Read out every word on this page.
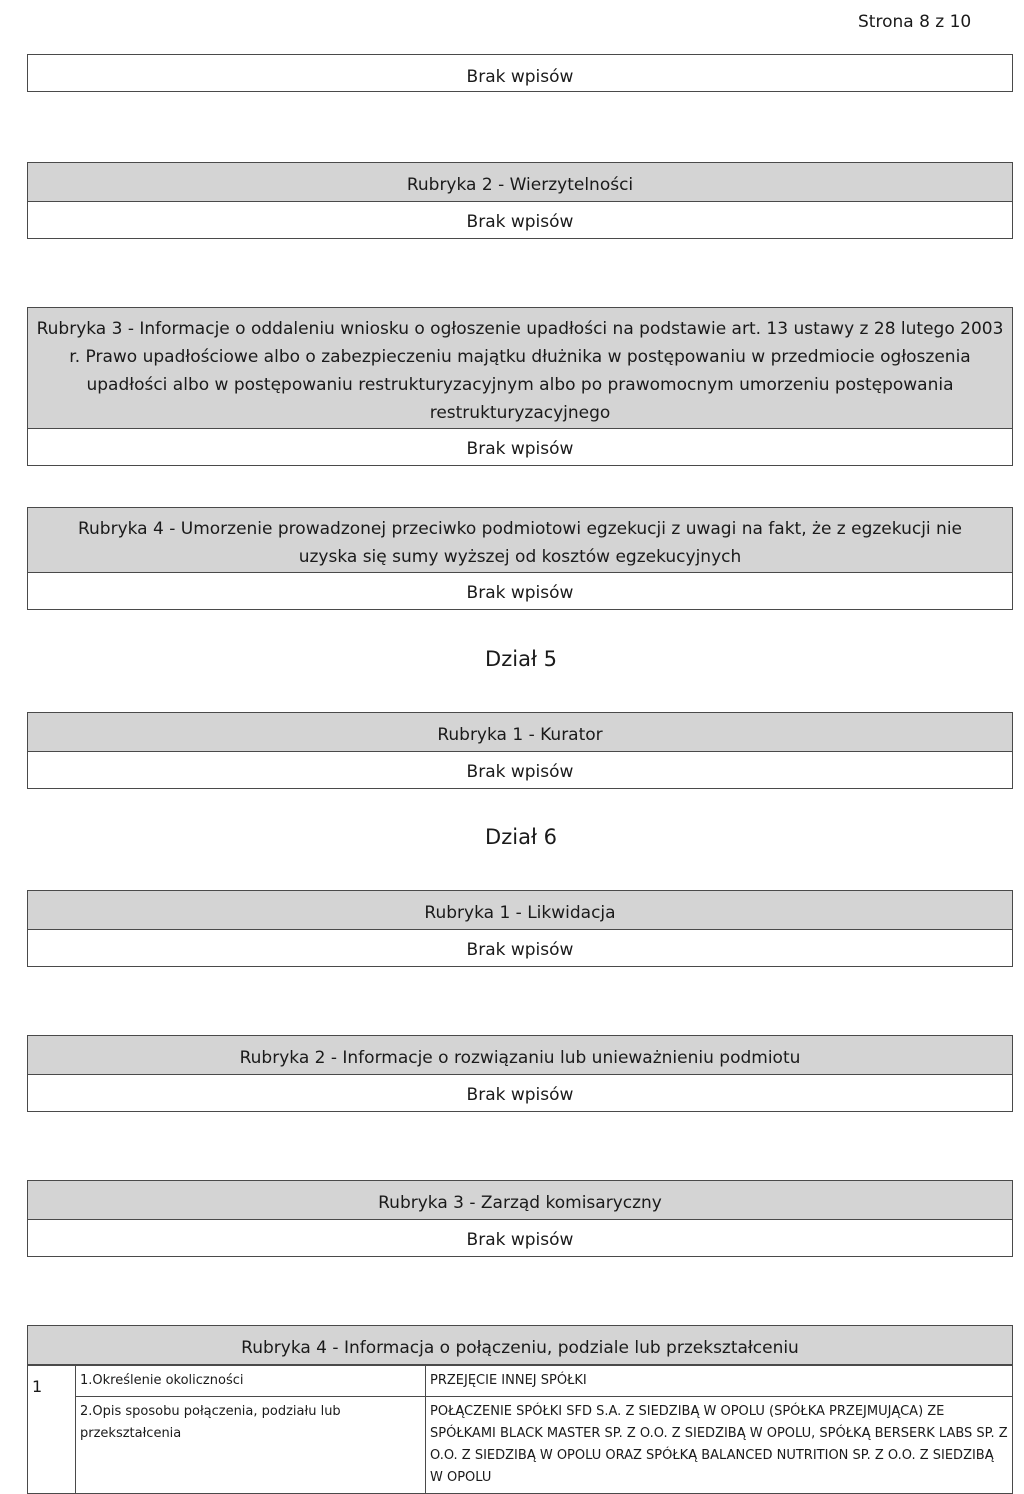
Strona 8 z 10
Brak wpisów
Rubryka 2 - Wierzytelności
Brak wpisów
Rubryka 3 - Informacje o oddaleniu wniosku o ogłoszenie upadłości na podstawie art. 13 ustawy z 28 lutego 2003 r. Prawo upadłościowe albo o zabezpieczeniu majątku dłużnika w postępowaniu w przedmiocie ogłoszenia upadłości albo w postępowaniu restrukturyzacyjnym albo po prawomocnym umorzeniu postępowania restrukturyzacyjnego
Brak wpisów
Rubryka 4 - Umorzenie prowadzonej przeciwko podmiotowi egzekucji z uwagi na fakt, że z egzekucji nie uzyska się sumy wyższej od kosztów egzekucyjnych
Brak wpisów
Dział 5
Rubryka 1 - Kurator
Brak wpisów
Dział 6
Rubryka 1 - Likwidacja
Brak wpisów
Rubryka 2 - Informacje o rozwiązaniu lub unieważnieniu podmiotu
Brak wpisów
Rubryka 3 - Zarząd komisaryczny
Brak wpisów
Rubryka 4 - Informacja o połączeniu, podziale lub przekształceniu
1	1.Określenie okoliczności	PRZEJĘCIE INNEJ SPÓŁKI
	2.Opis sposobu połączenia, podziału lub przekształcenia	POŁĄCZENIE SPÓŁKI SFD S.A. Z SIEDZIBĄ W OPOLU (SPÓŁKA PRZEJMUJĄCA) ZE SPÓŁKAMI BLACK MASTER SP. Z O.O. Z SIEDZIBĄ W OPOLU, SPÓŁKĄ BERSERK LABS SP. Z O.O. Z SIEDZIBĄ W OPOLU ORAZ SPÓŁKĄ BALANCED NUTRITION SP. Z O.O. Z SIEDZIBĄ W OPOLU
